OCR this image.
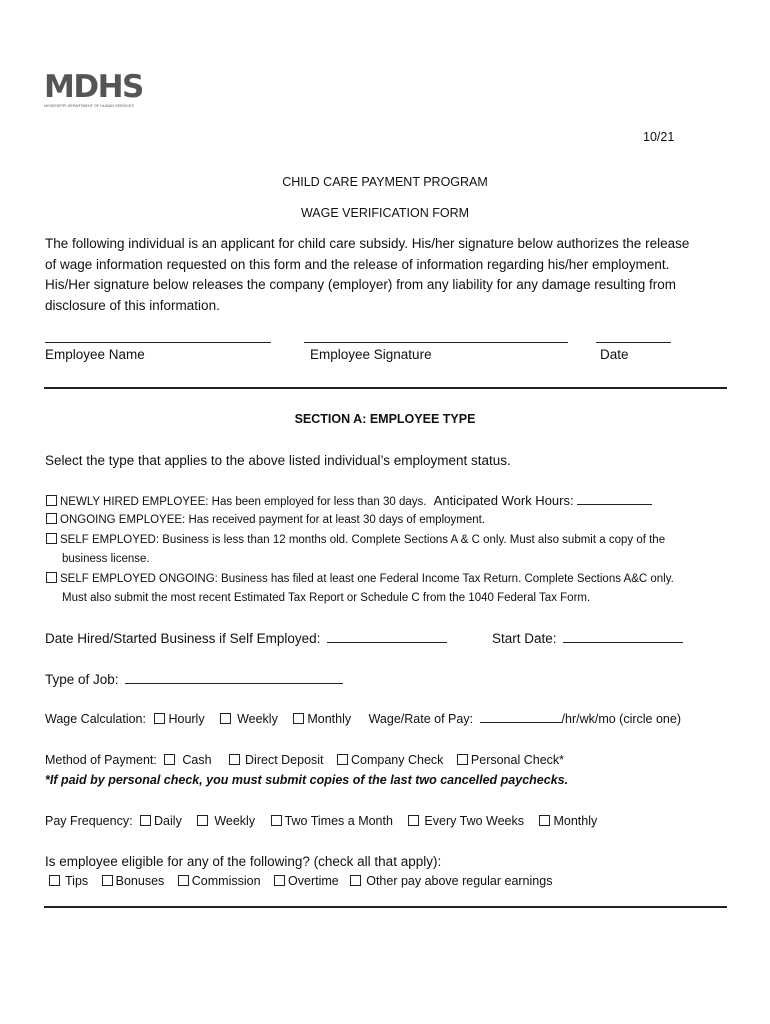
MDHS
MISSISSIPPI DEPARTMENT OF HUMAN SERVICES
10/21
CHILD CARE PAYMENT PROGRAM
WAGE VERIFICATION FORM
The following individual is an applicant for child care subsidy. His/her signature below authorizes the release
of wage information requested on this form and the release of information regarding his/her employment.
His/Her signature below releases the company (employer) from any liability for any damage resulting from
disclosure of this information.
Employee Name	Employee Signature	Date
SECTION A: EMPLOYEE TYPE
Select the type that applies to the above listed individual’s employment status.
NEWLY HIRED EMPLOYEE: Has been employed for less than 30 days. Anticipated Work Hours:
ONGOING EMPLOYEE: Has received payment for at least 30 days of employment.
SELF EMPLOYED: Business is less than 12 months old. Complete Sections A & C only. Must also submit a copy of the
business license.
SELF EMPLOYED ONGOING: Business has filed at least one Federal Income Tax Return. Complete Sections A&C only.
Must also submit the most recent Estimated Tax Report or Schedule C from the 1040 Federal Tax Form.
Date Hired/Started Business if Self Employed:	Start Date:
Type of Job:
Wage Calculation: Hourly	Weekly Monthly Wage/Rate of Pay:	/hr/wk/mo (circle one)
Method of Payment: Cash	Direct Deposit Company Check Personal Check*
*If paid by personal check, you must submit copies of the last two cancelled paychecks.
Pay Frequency: Daily	Weekly Two Times a Month	Every Two Weeks Monthly
Is employee eligible for any of the following? (check all that apply):
Tips Bonuses Commission Overtime Other pay above regular earnings
